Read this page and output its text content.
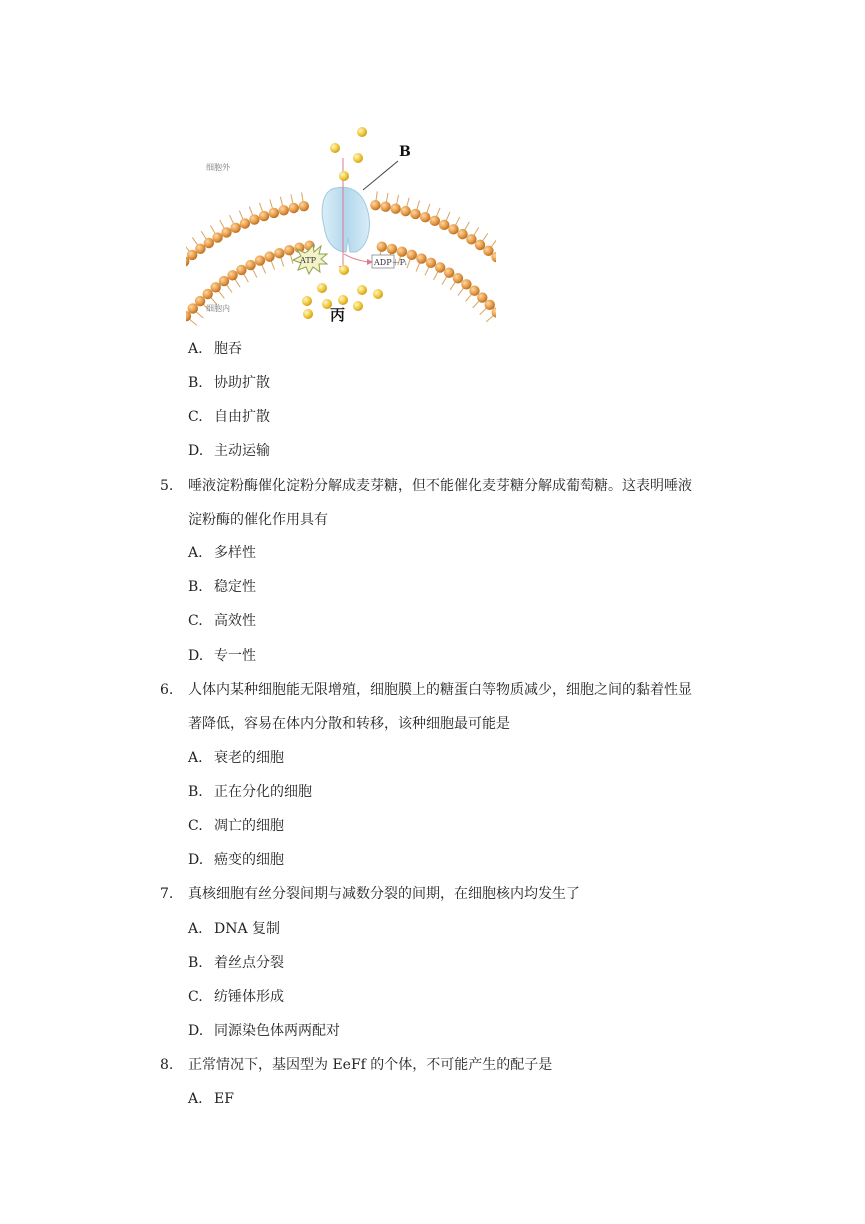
B
ATP	ADP＋Pᵢ
细胞外
细胞内	丙
A. 胞吞
B. 协助扩散
C. 自由扩散
D. 主动运输
5. 唾液淀粉酶催化淀粉分解成麦芽糖，但不能催化麦芽糖分解成葡萄糖。这表明唾液
淀粉酶的催化作用具有
A. 多样性
B. 稳定性
C. 高效性
D. 专一性
6. 人体内某种细胞能无限增殖，细胞膜上的糖蛋白等物质减少，细胞之间的黏着性显
著降低，容易在体内分散和转移，该种细胞最可能是
A. 衰老的细胞
B. 正在分化的细胞
C. 凋亡的细胞
D. 癌变的细胞
7. 真核细胞有丝分裂间期与减数分裂的间期，在细胞核内均发生了
A. DNA 复制
B. 着丝点分裂
C. 纺锤体形成
D. 同源染色体两两配对
8. 正常情况下，基因型为 EeFf 的个体，不可能产生的配子是
A. EF
